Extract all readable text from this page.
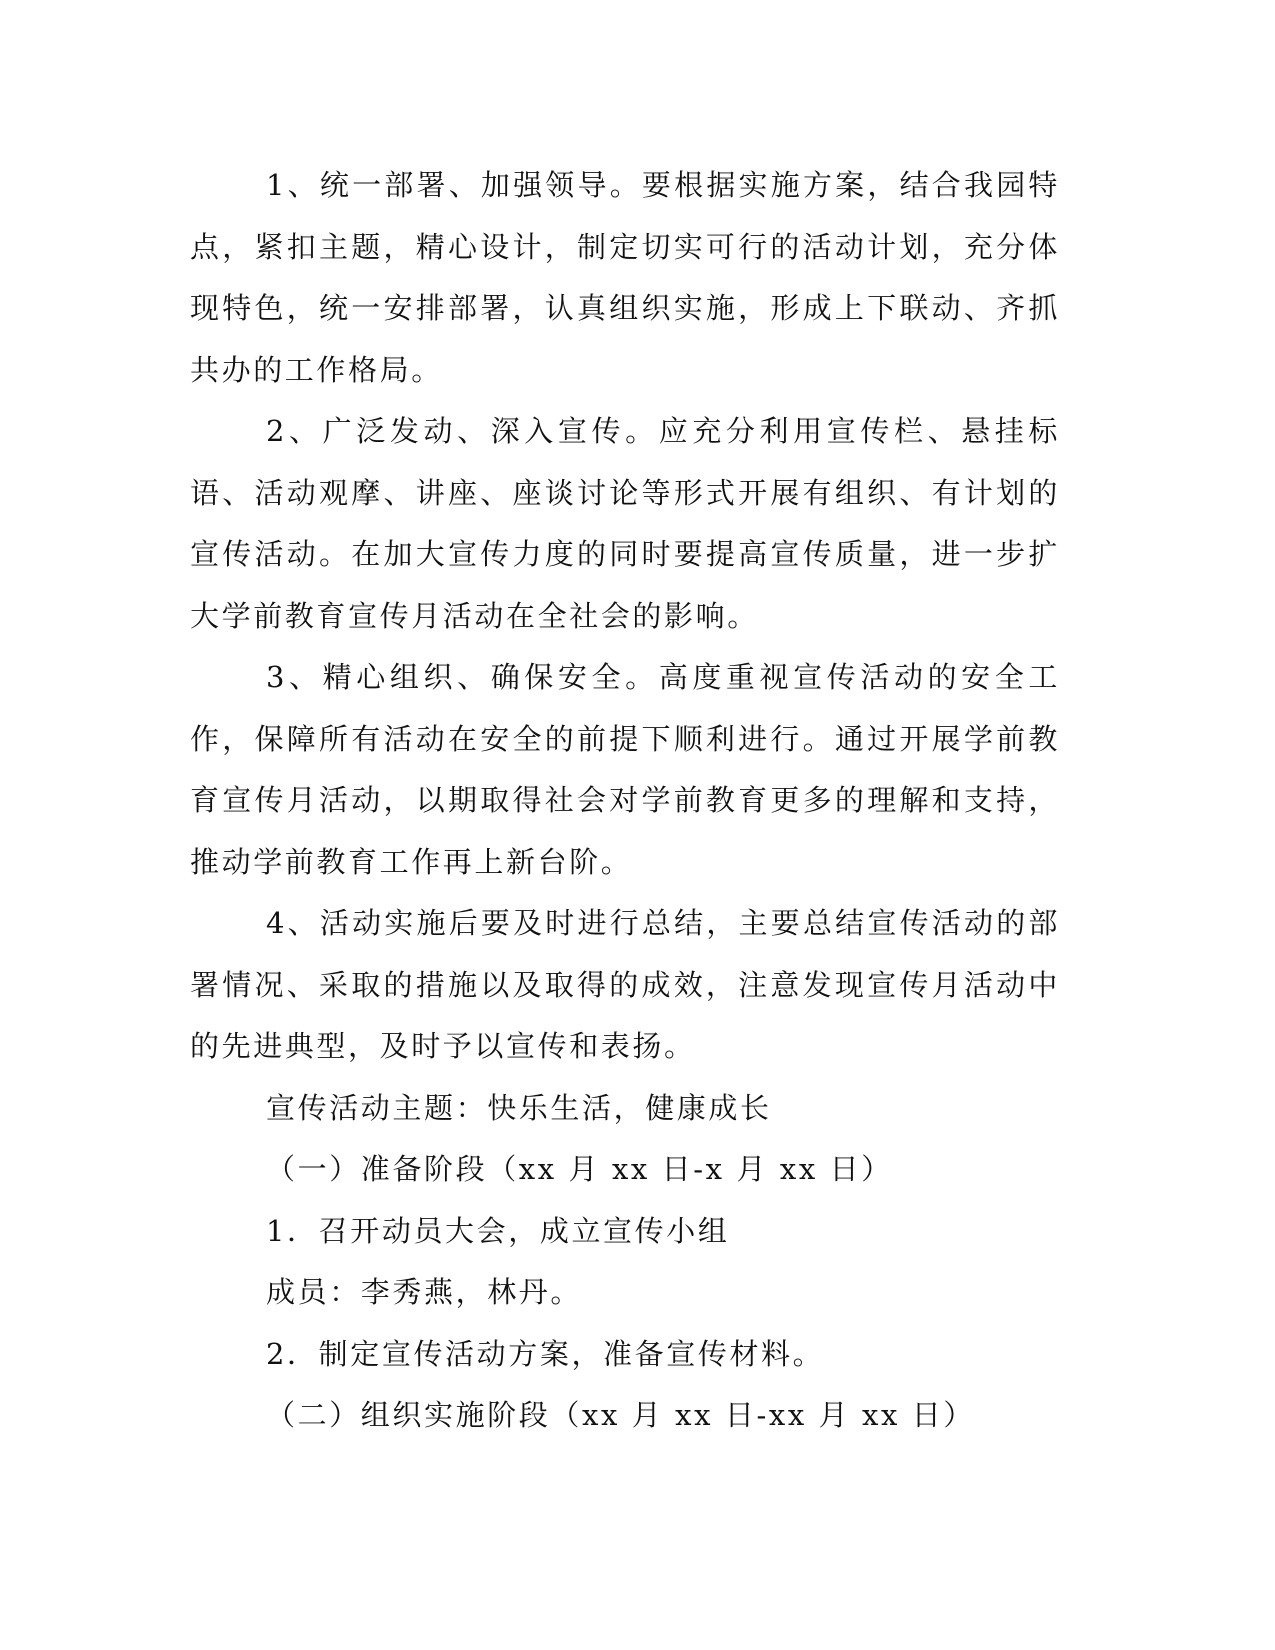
1、统一部署、加强领导。要根据实施方案，结合我园特点，紧扣主题，精心设计，制定切实可行的活动计划，充分体现特色，统一安排部署，认真组织实施，形成上下联动、齐抓共办的工作格局。

2、广泛发动、深入宣传。应充分利用宣传栏、悬挂标语、活动观摩、讲座、座谈讨论等形式开展有组织、有计划的宣传活动。在加大宣传力度的同时要提高宣传质量，进一步扩大学前教育宣传月活动在全社会的影响。

3、精心组织、确保安全。高度重视宣传活动的安全工作，保障所有活动在安全的前提下顺利进行。通过开展学前教育宣传月活动，以期取得社会对学前教育更多的理解和支持，推动学前教育工作再上新台阶。

4、活动实施后要及时进行总结，主要总结宣传活动的部署情况、采取的措施以及取得的成效，注意发现宣传月活动中的先进典型，及时予以宣传和表扬。

宣传活动主题：快乐生活，健康成长

（一）准备阶段（xx 月 xx 日-x 月 xx 日）

1．召开动员大会，成立宣传小组

成员：李秀燕，林丹。

2．制定宣传活动方案，准备宣传材料。

（二）组织实施阶段（xx 月 xx 日-xx 月 xx 日）
